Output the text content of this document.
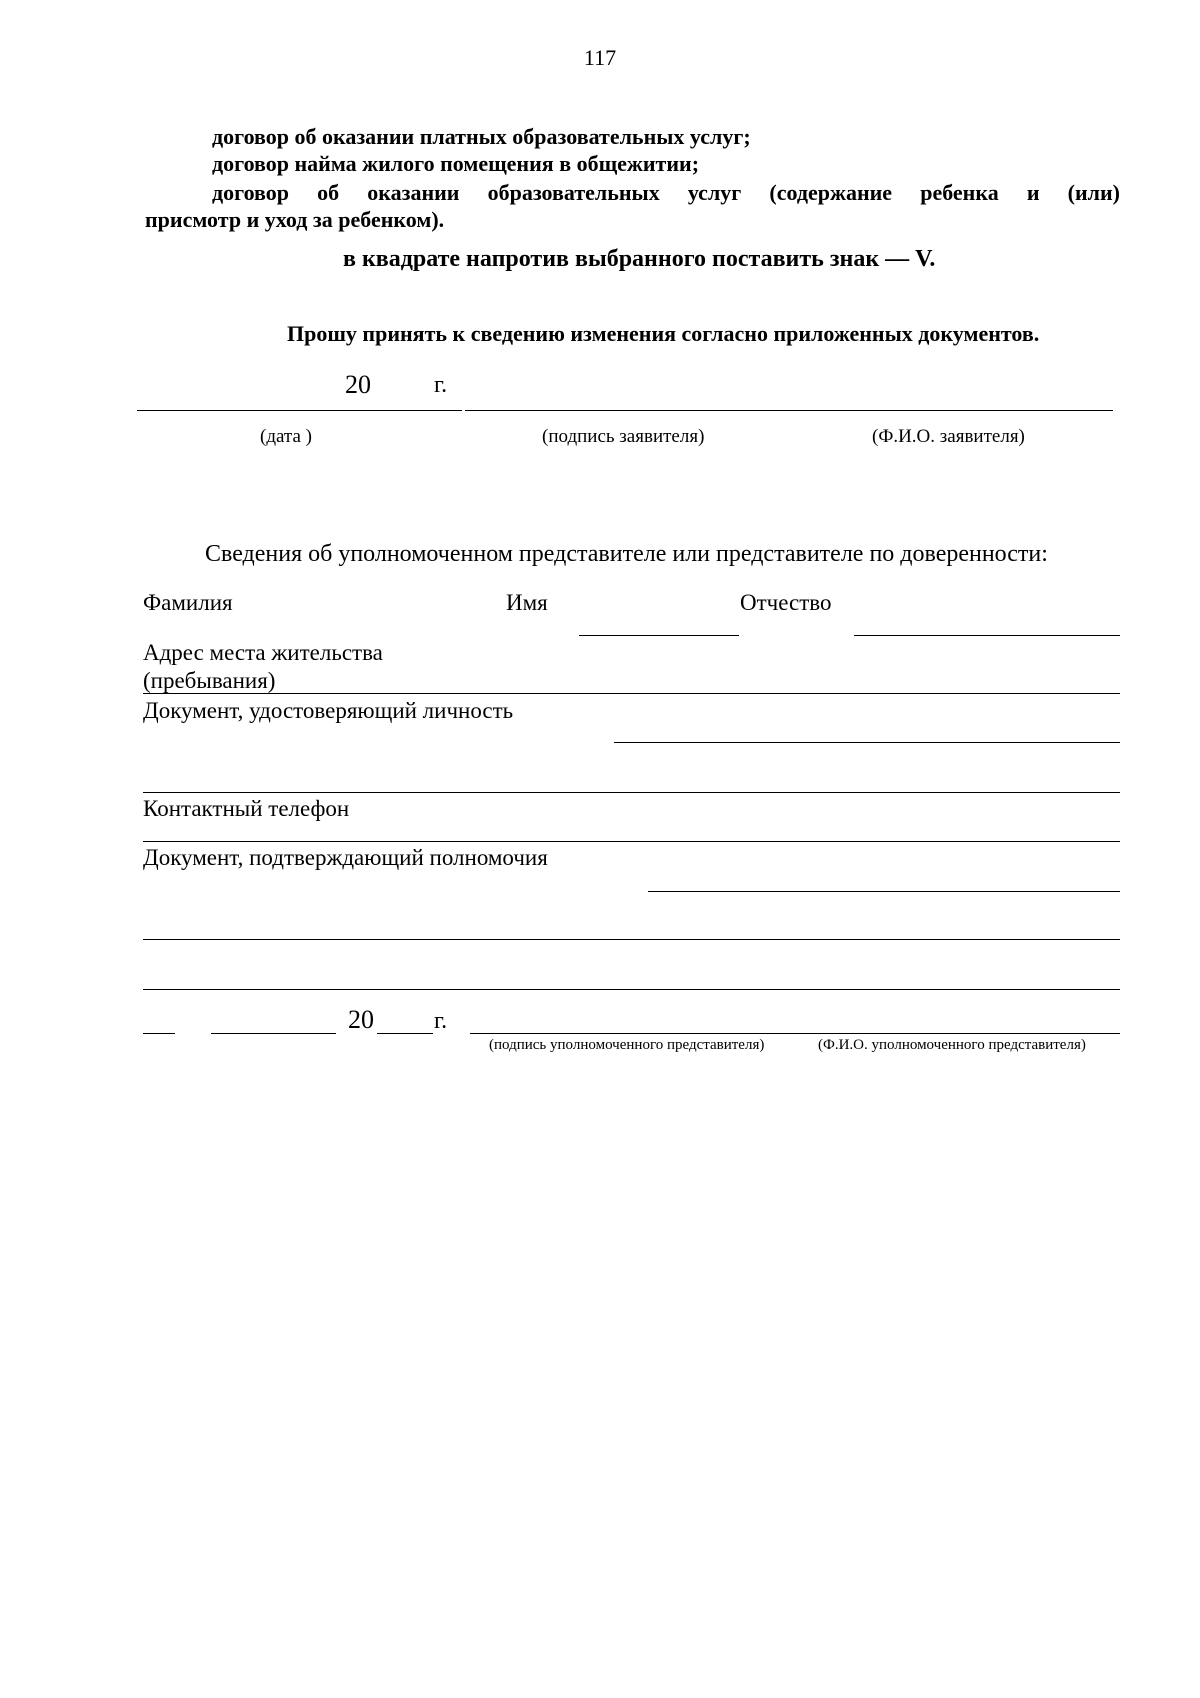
117
договор об оказании платных образовательных услуг;
договор найма жилого помещения в общежитии;
договор об оказании образовательных услуг (содержание ребенка и (или)
присмотр и уход за ребенком).
в квадрате напротив выбранного поставить знак — V.
Прошу принять к сведению изменения согласно приложенных документов.
20	г.
(дата )	(подпись заявителя)	(Ф.И.О. заявителя)
Сведения об уполномоченном представителе или представителе по доверенности:
Фамилия	Имя	Отчество
Адрес места жительства
(пребывания)
Документ, удостоверяющий личность
Контактный телефон
Документ, подтверждающий полномочия
20	г.
(подпись уполномоченного представителя)	(Ф.И.О. уполномоченного представителя)
